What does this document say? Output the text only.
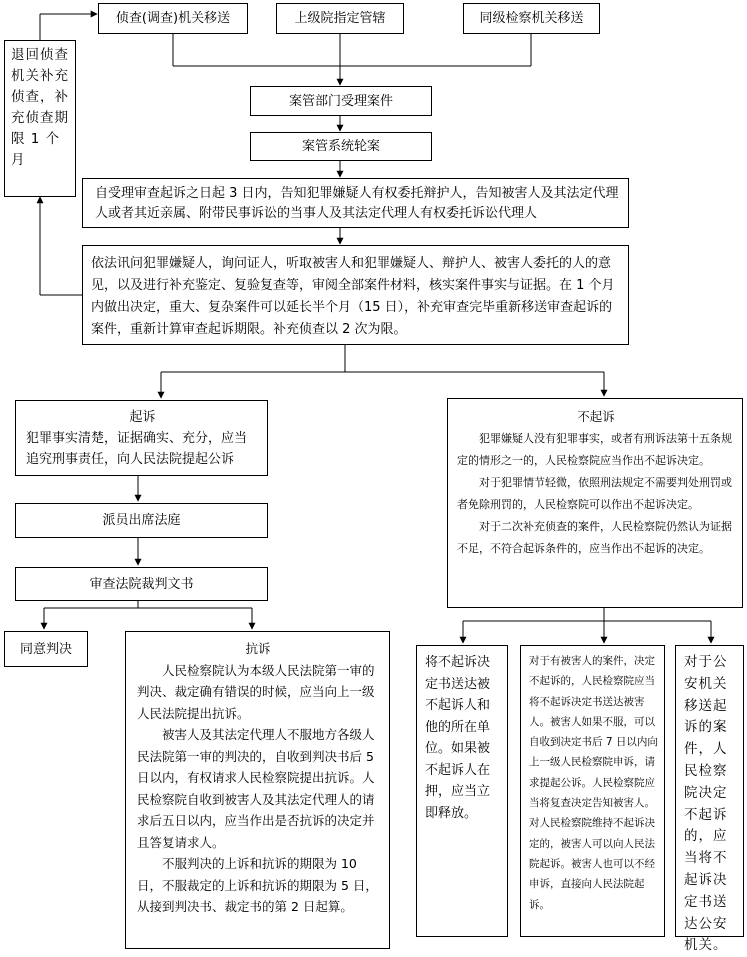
侦查(调查)机关移送	上级院指定管辖	同级检察机关移送
退回侦查机关补充侦查，补充侦查期限 1 个月
案管部门受理案件
案管系统轮案
自受理审查起诉之日起 3 日内，告知犯罪嫌疑人有权委托辩护人，告知被害人及其法定代理人或者其近亲属、附带民事诉讼的当事人及其法定代理人有权委托诉讼代理人
依法讯问犯罪嫌疑人，询问证人，听取被害人和犯罪嫌疑人、辩护人、被害人委托的人的意见，以及进行补充鉴定、复验复查等，审阅全部案件材料，核实案件事实与证据。在 1 个月内做出决定，重大、复杂案件可以延长半个月（15 日），补充审查完毕重新移送审查起诉的案件，重新计算审查起诉期限。补充侦查以 2 次为限。
起诉
犯罪事实清楚，证据确实、充分，应当追究刑事责任，向人民法院提起公诉
派员出席法庭
审查法院裁判文书
同意判决	抗诉

人民检察院认为本级人民法院第一审的判决、裁定确有错误的时候，应当向上一级人民法院提出抗诉。

被害人及其法定代理人不服地方各级人民法院第一审的判决的，自收到判决书后 5 日以内，有权请求人民检察院提出抗诉。人民检察院自收到被害人及其法定代理人的请求后五日以内，应当作出是否抗诉的决定并且答复请求人。

不服判决的上诉和抗诉的期限为 10 日，不服裁定的上诉和抗诉的期限为 5 日，从接到判决书、裁定书的第 2 日起算。

不起诉

犯罪嫌疑人没有犯罪事实，或者有刑诉法第十五条规定的情形之一的，人民检察院应当作出不起诉决定。

对于犯罪情节轻微，依照刑法规定不需要判处刑罚或者免除刑罚的，人民检察院可以作出不起诉决定。

对于二次补充侦查的案件，人民检察院仍然认为证据不足，不符合起诉条件的，应当作出不起诉的决定。

将不起诉决定书送达被不起诉人和他的所在单位。如果被不起诉人在押，应当立即释放。
对于有被害人的案件，决定不起诉的，人民检察院应当将不起诉决定书送达被害人。被害人如果不服，可以自收到决定书后 7 日以内向上一级人民检察院申诉，请求提起公诉。人民检察院应当将复查决定告知被害人。对人民检察院维持不起诉决定的，被害人可以向人民法院起诉。被害人也可以不经申诉，直接向人民法院起诉。
对于公安机关移送起诉的案件，人民检察院决定不起诉的，应当将不起诉决定书送达公安机关。
